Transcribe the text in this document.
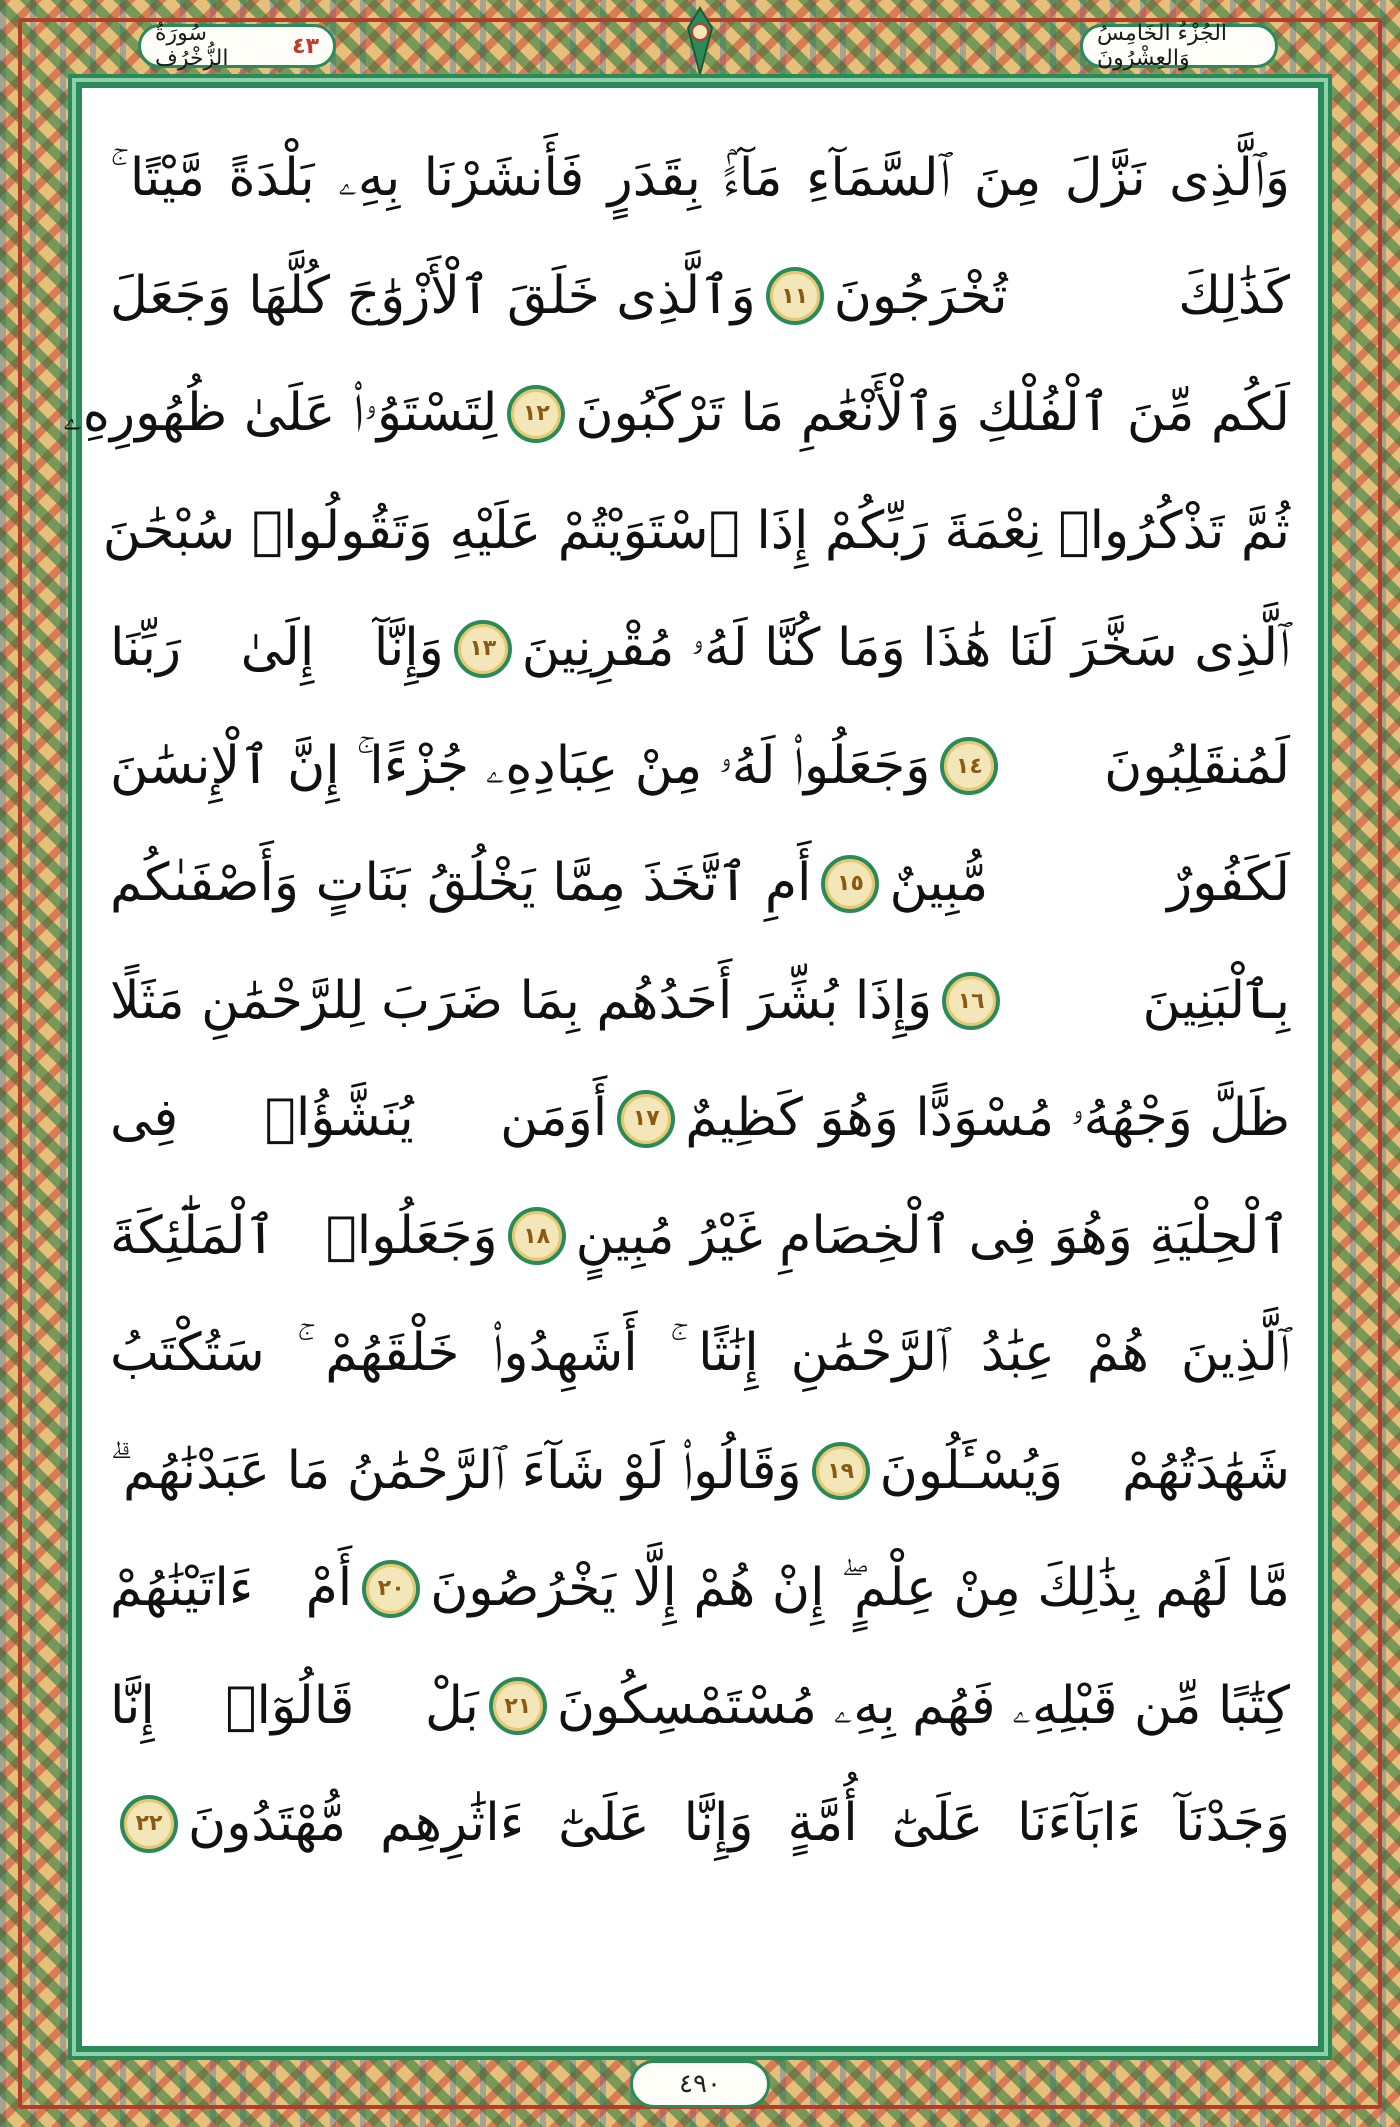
سُورَةُ الزُّخْرُف	٤٣	الجُزْءُ الخَامِسُ وَالعِشْرُونَ
وَٱلَّذِى نَزَّلَ مِنَ ٱلسَّمَآءِ مَآءًۢ بِقَدَرٍ فَأَنشَرْنَا بِهِۦ بَلْدَةً مَّيْتًا ۚ
كَذَٰلِكَ تُخْرَجُونَ
١١
وَٱلَّذِى خَلَقَ ٱلْأَزْوَٰجَ كُلَّهَا وَجَعَلَ
لَكُم مِّنَ ٱلْفُلْكِ وَٱلْأَنْعَٰمِ مَا تَرْكَبُونَ
١٢
لِتَسْتَوُۥا۟ عَلَىٰ ظُهُورِهِۦ
ثُمَّ تَذْكُرُوا۟ نِعْمَةَ رَبِّكُمْ إِذَا ٱسْتَوَيْتُمْ عَلَيْهِ وَتَقُولُوا۟ سُبْحَٰنَ
ٱلَّذِى سَخَّرَ لَنَا هَٰذَا وَمَا كُنَّا لَهُۥ مُقْرِنِينَ
١٣
وَإِنَّآ إِلَىٰ رَبِّنَا
لَمُنقَلِبُونَ
١٤
وَجَعَلُوا۟ لَهُۥ مِنْ عِبَادِهِۦ جُزْءًا ۚ إِنَّ ٱلْإِنسَٰنَ
لَكَفُورٌ مُّبِينٌ
١٥
أَمِ ٱتَّخَذَ مِمَّا يَخْلُقُ بَنَاتٍ وَأَصْفَىٰكُم
بِٱلْبَنِينَ
١٦
وَإِذَا بُشِّرَ أَحَدُهُم بِمَا ضَرَبَ لِلرَّحْمَٰنِ مَثَلًا
ظَلَّ وَجْهُهُۥ مُسْوَدًّا وَهُوَ كَظِيمٌ
١٧
أَوَمَن يُنَشَّؤُا۟ فِى
ٱلْحِلْيَةِ وَهُوَ فِى ٱلْخِصَامِ غَيْرُ مُبِينٍ
١٨
وَجَعَلُوا۟ ٱلْمَلَٰٓئِكَةَ
ٱلَّذِينَ هُمْ عِبَٰدُ ٱلرَّحْمَٰنِ إِنَٰثًا ۚ أَشَهِدُوا۟ خَلْقَهُمْ ۚ سَتُكْتَبُ
شَهَٰدَتُهُمْ وَيُسْـَٔلُونَ
١٩
وَقَالُوا۟ لَوْ شَآءَ ٱلرَّحْمَٰنُ مَا عَبَدْنَٰهُم ۗ
مَّا لَهُم بِذَٰلِكَ مِنْ عِلْمٍ ۖ إِنْ هُمْ إِلَّا يَخْرُصُونَ
٢٠
أَمْ ءَاتَيْنَٰهُمْ
كِتَٰبًا مِّن قَبْلِهِۦ فَهُم بِهِۦ مُسْتَمْسِكُونَ
٢١
بَلْ قَالُوٓا۟ إِنَّا
وَجَدْنَآ ءَابَآءَنَا عَلَىٰٓ أُمَّةٍ وَإِنَّا عَلَىٰٓ ءَاثَٰرِهِم مُّهْتَدُونَ
٢٢
٤٩٠
